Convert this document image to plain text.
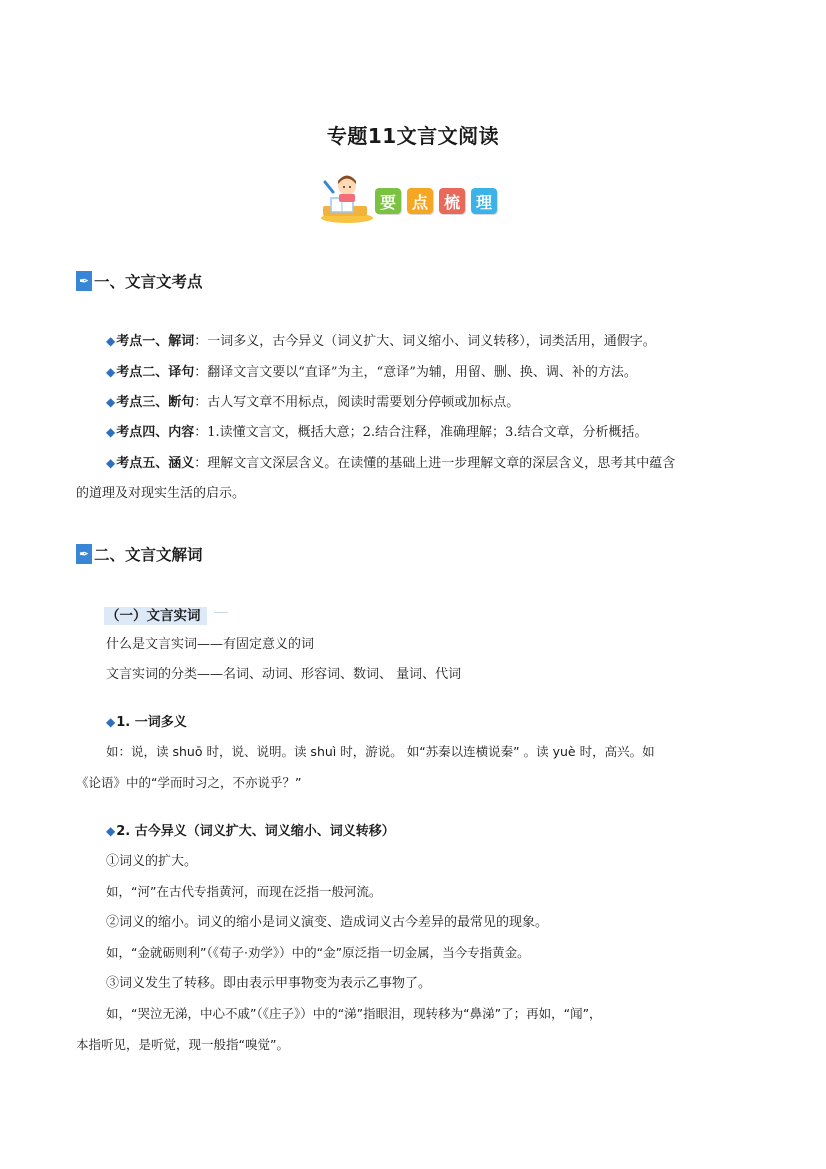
专题11文言文阅读
要 点 梳 理
✒ 一、文言文考点
◆考点一、解词：一词多义，古今异义（词义扩大、词义缩小、词义转移），词类活用，通假字。
◆考点二、译句：翻译文言文要以“直译”为主，“意译”为辅，用留、删、换、调、补的方法。
◆考点三、断句：古人写文章不用标点，阅读时需要划分停顿或加标点。
◆考点四、内容：1.读懂文言文，概括大意；2.结合注释，准确理解；3.结合文章，分析概括。
◆考点五、涵义：理解文言文深层含义。在读懂的基础上进一步理解文章的深层含义，思考其中蕴含
的道理及对现实生活的启示。
✒ 二、文言文解词
（一）文言实词
什么是文言实词——有固定意义的词
文言实词的分类——名词、动词、形容词、数词、 量词、代词
◆1. 一词多义
如：说，读 shuō 时，说、说明。读 shuì 时，游说。 如“苏秦以连横说秦” 。读 yuè 时，高兴。如
《论语》中的“学而时习之，不亦说乎？”
◆2. 古今异义（词义扩大、词义缩小、词义转移）
①词义的扩大。
如，“河”在古代专指黄河，而现在泛指一般河流。
②词义的缩小。词义的缩小是词义演变、造成词义古今差异的最常见的现象。
如，“金就砺则利”（《荀子·劝学》）中的“金”原泛指一切金属，当今专指黄金。
③词义发生了转移。即由表示甲事物变为表示乙事物了。
如，“哭泣无涕，中心不戚”（《庄子》）中的“涕”指眼泪，现转移为“鼻涕”了；再如，“闻”，
本指听见，是听觉，现一般指“嗅觉”。
